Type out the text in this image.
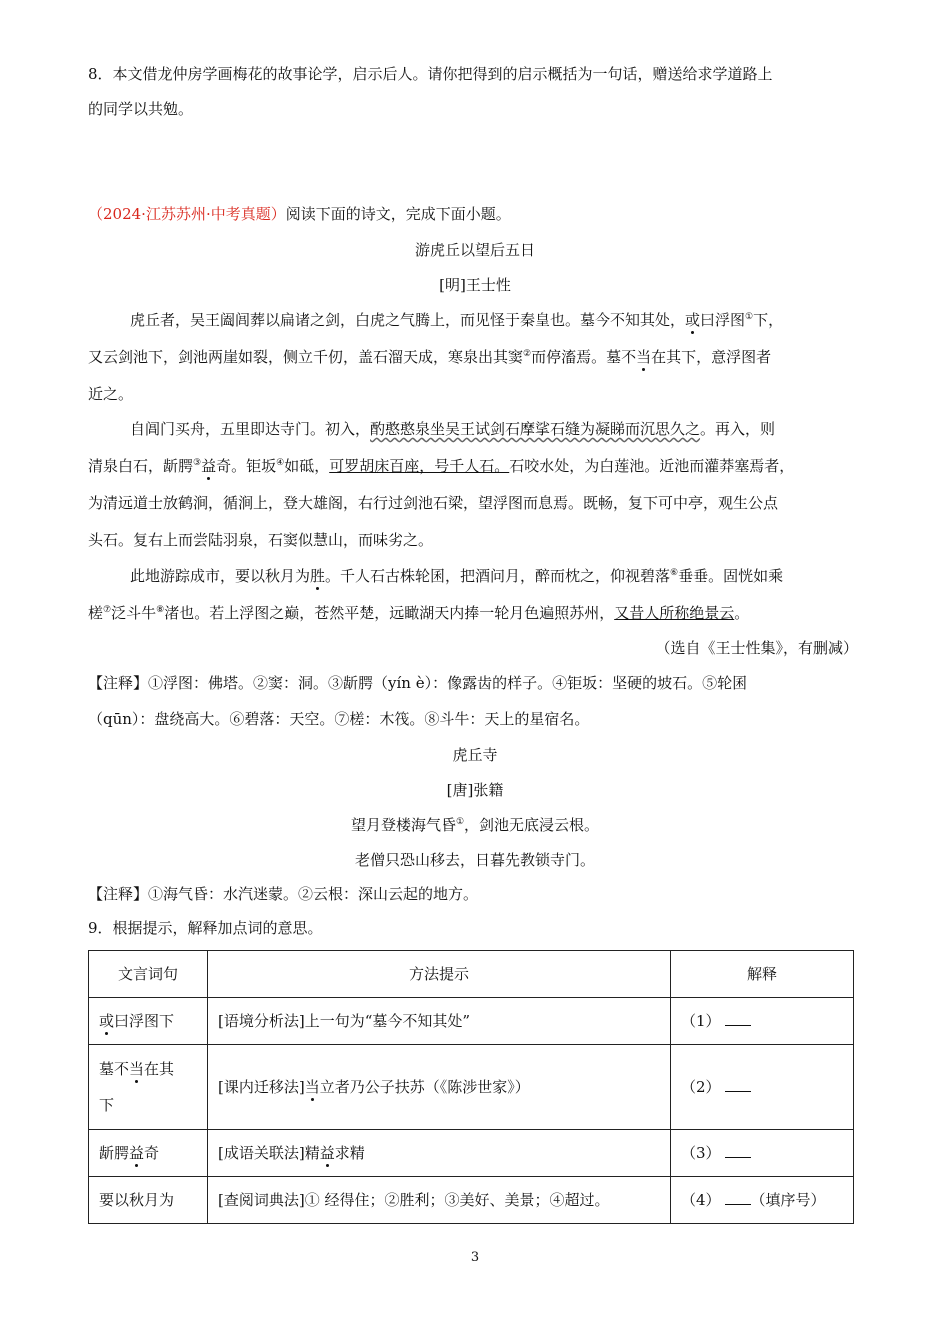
8．本文借龙仲房学画梅花的故事论学，启示后人。请你把得到的启示概括为一句话，赠送给求学道路上
的同学以共勉。
（2024·江苏苏州·中考真题）阅读下面的诗文，完成下面小题。
游虎丘以望后五日
[明]王士性
虎丘者，吴王阖闾葬以扁诸之剑，白虎之气腾上，而见怪于秦皇也。墓今不知其处，或曰浮图①下，
又云剑池下，剑池两崖如裂，侧立千仞，盖石溜天成，寒泉出其窦②而停滀焉。墓不当在其下，意浮图者
近之。
自阊门买舟，五里即达寺门。初入，酌憨憨泉坐吴王试剑石摩挲石缝为凝睇而沉思久之。再入，则
清泉白石，龂腭③益奇。钜坂④如砥，可罗胡床百座，号千人石。石咬水处，为白莲池。近池而灌莽塞焉者，
为清远道士放鹤涧，循涧上，登大雄阁，右行过剑池石梁，望浮图而息焉。既畅，复下可中亭，观生公点
头石。复右上而尝陆羽泉，石窦似慧山，而味劣之。
此地游踪成市，要以秋月为胜。千人石古株轮囷，把酒问月，醉而枕之，仰视碧落⑥垂垂。固恍如乘
槎⑦泛斗牛⑧渚也。若上浮图之巅，苍然平楚，远瞰湖天内捧一轮月色遍照苏州，又昔人所称绝景云。
（选自《王士性集》，有删减）
【注释】①浮图：佛塔。②窦：洞。③龂腭（yín è）：像露齿的样子。④钜坂：坚硬的坡石。⑤轮囷
（qūn）：盘绕高大。⑥碧落：天空。⑦槎：木筏。⑧斗牛：天上的星宿名。
虎丘寺
[唐]张籍
望月登楼海气昏①，剑池无底浸云根。
老僧只恐山移去，日暮先教锁寺门。
【注释】①海气昏：水汽迷蒙。②云根：深山云起的地方。
9．根据提示，解释加点词的意思。
文言词句	方法提示	解释
或曰浮图下	[语境分析法]上一句为“墓今不知其处”	（1）
墓不当在其
下	[课内迁移法]当立者乃公子扶苏（《陈涉世家》）	（2）
龂腭益奇	[成语关联法]精益求精	（3）
要以秋月为	[查阅词典法]① 经得住；②胜利；③美好、美景；④超过。	（4） （填序号）
3
